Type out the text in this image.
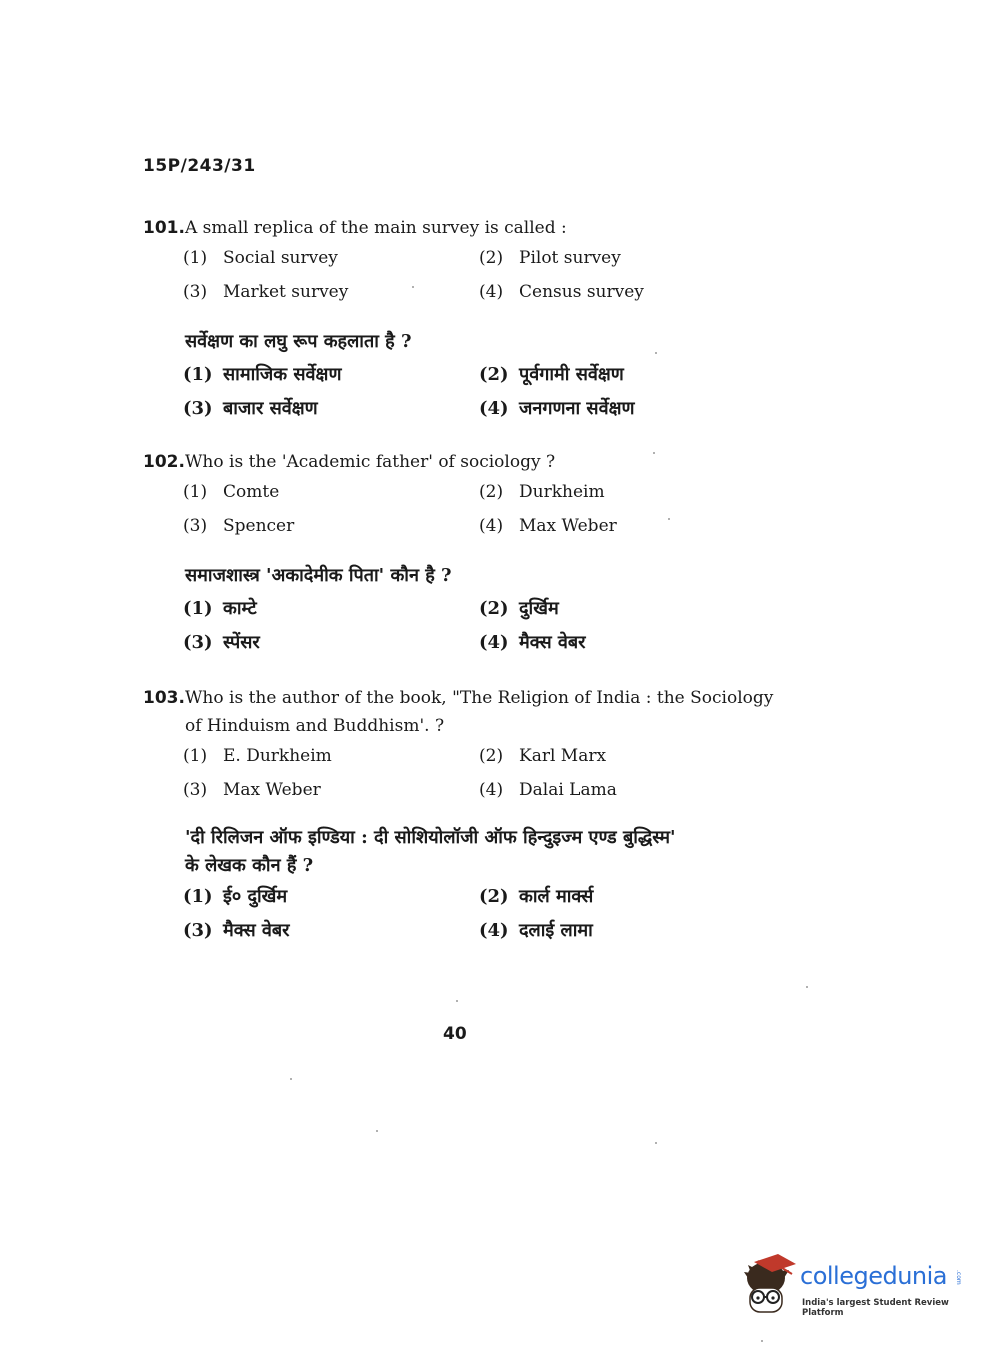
15P/243/31

101.A small replica of the main survey is called :

(1) Social survey	(2) Pilot survey
(3) Market survey	(4) Census survey

सर्वेक्षण का लघु रूप कहलाता है ?

(1) सामाजिक सर्वेक्षण	(2) पूर्वगामी सर्वेक्षण
(3) बाजार सर्वेक्षण	(4) जनगणना सर्वेक्षण

102.Who is the 'Academic father' of sociology ?

(1) Comte	(2) Durkheim
(3) Spencer	(4) Max Weber

समाजशास्त्र 'अकादेमीक पिता' कौन है ?

(1) काम्टे	(2) दुर्खिम
(3) स्पेंसर	(4) मैक्स वेबर

103.Who is the author of the book, "The Religion of India : the Sociology
of Hinduism and Buddhism'. ?

(1) E. Durkheim	(2) Karl Marx
(3) Max Weber	(4) Dalai Lama

'दी रिलिजन ऑफ इण्डिया : दी सोशियोलॉजी ऑफ हिन्दुइज्म एण्ड बुद्धिस्म'
के लेखक कौन हैं ?

(1) ई० दुर्खिम	(2) कार्ल मार्क्स
(3) मैक्स वेबर	(4) दलाई लामा
40
collegedunia .com
India's largest Student Review Platform
